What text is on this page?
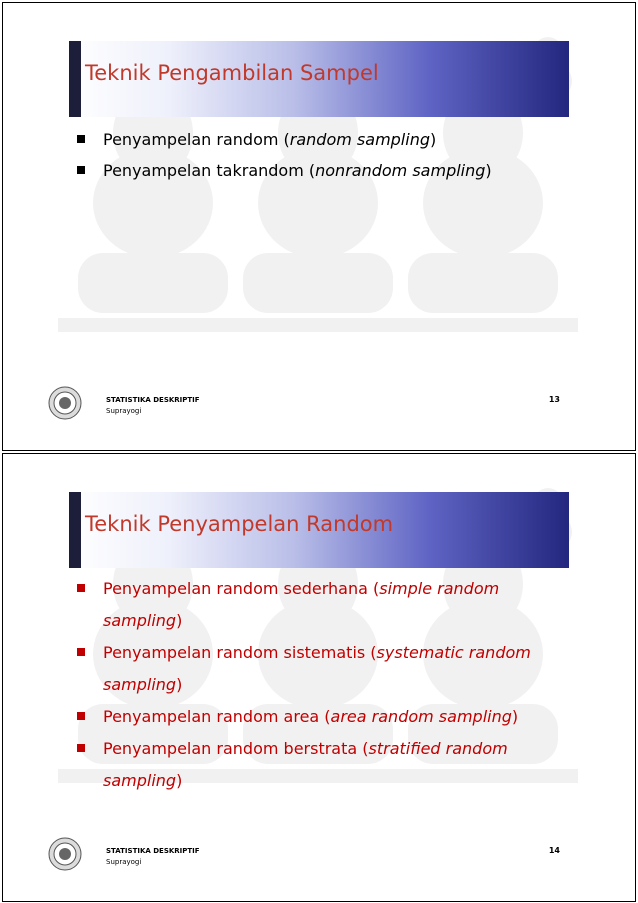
Teknik Pengambilan Sampel
Penyampelan random (random sampling)
Penyampelan takrandom (nonrandom sampling)
STATISTIKA DESKRIPTIF
Suprayogi
13
Teknik Penyampelan Random
Penyampelan random sederhana (simple random sampling)
Penyampelan random sistematis (systematic random sampling)
Penyampelan random area (area random sampling)
Penyampelan random berstrata (stratified random sampling)
STATISTIKA DESKRIPTIF
Suprayogi
14
